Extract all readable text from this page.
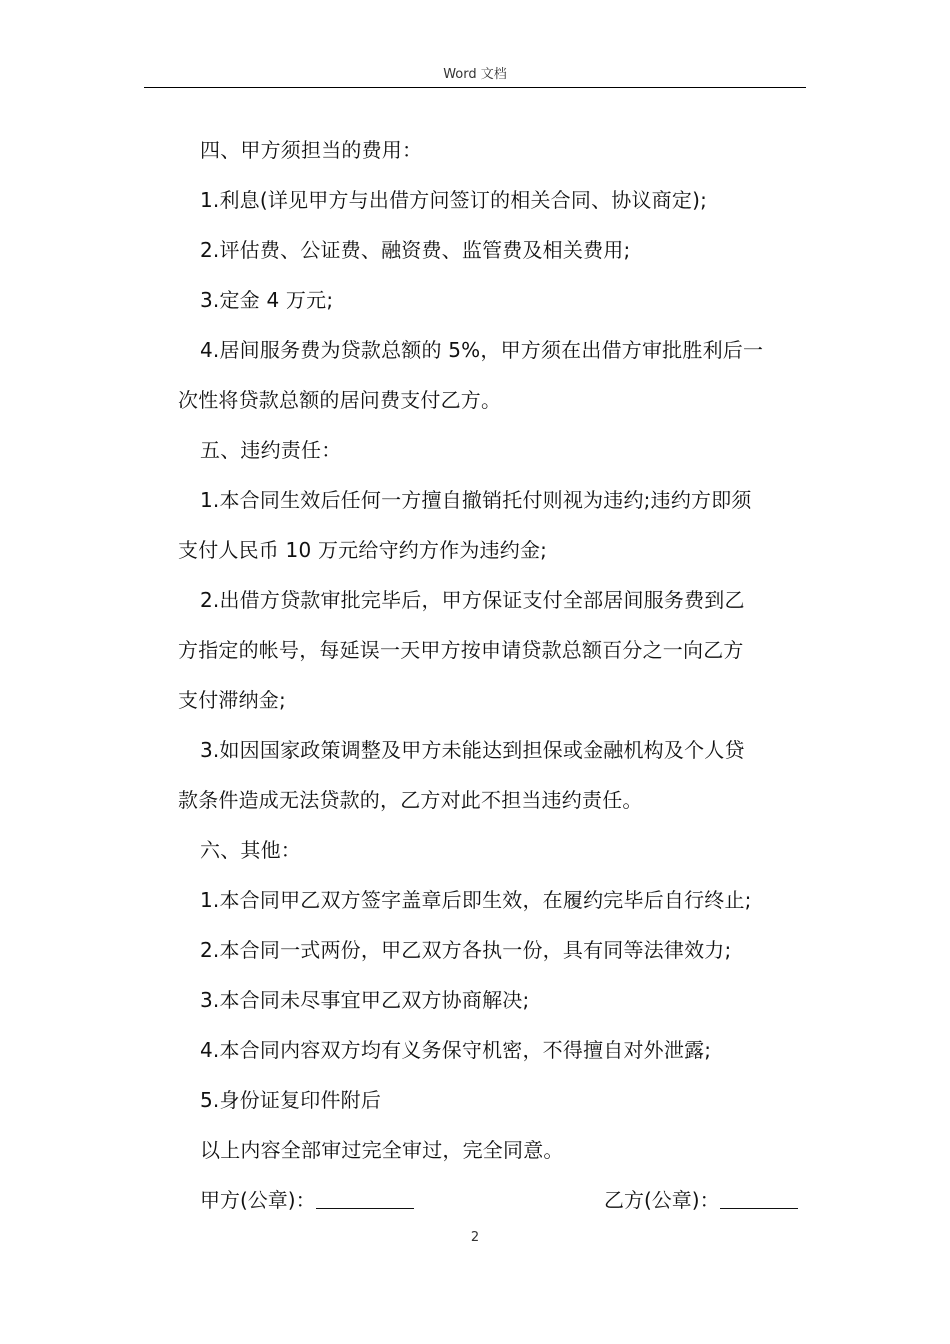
Word 文档

四、甲方须担当的费用：

1.利息(详见甲方与出借方问签订的相关合同、协议商定);

2.评估费、公证费、融资费、监管费及相关费用;

3.定金 4 万元;

4.居间服务费为贷款总额的 5%，甲方须在出借方审批胜利后一

次性将贷款总额的居问费支付乙方。

五、违约责任：

1.本合同生效后任何一方擅自撤销托付则视为违约;违约方即须

支付人民币 10 万元给守约方作为违约金;

2.出借方贷款审批完毕后，甲方保证支付全部居间服务费到乙

方指定的帐号，每延误一天甲方按申请贷款总额百分之一向乙方

支付滞纳金;

3.如因国家政策调整及甲方未能达到担保或金融机构及个人贷

款条件造成无法贷款的，乙方对此不担当违约责任。

六、其他：

1.本合同甲乙双方签字盖章后即生效，在履约完毕后自行终止;

2.本合同一式两份，甲乙双方各执一份，具有同等法律效力;

3.本合同未尽事宜甲乙双方协商解决;

4.本合同内容双方均有义务保守机密，不得擅自对外泄露;

5.身份证复印件附后

以上内容全部审过完全审过，完全同意。

甲方(公章)：	乙方(公章)：
2
